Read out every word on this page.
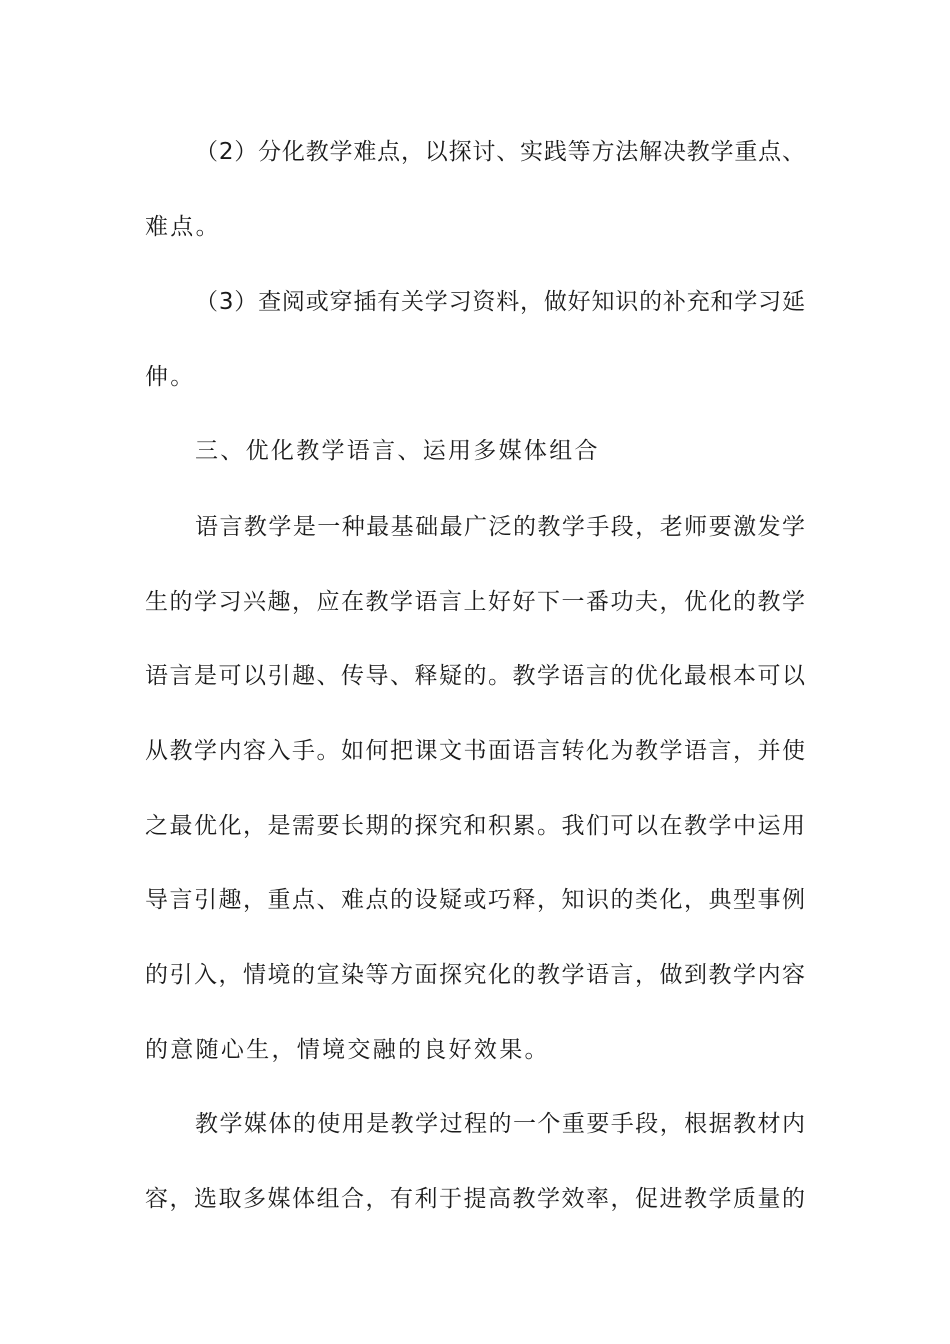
（2）分化教学难点，以探讨、实践等方法解决教学重点、

难点。

（3）查阅或穿插有关学习资料，做好知识的补充和学习延

伸。

三、优化教学语言、运用多媒体组合

语言教学是一种最基础最广泛的教学手段，老师要激发学

生的学习兴趣，应在教学语言上好好下一番功夫，优化的教学

语言是可以引趣、传导、释疑的。教学语言的优化最根本可以

从教学内容入手。如何把课文书面语言转化为教学语言，并使

之最优化，是需要长期的探究和积累。我们可以在教学中运用

导言引趣，重点、难点的设疑或巧释，知识的类化，典型事例

的引入，情境的宣染等方面探究化的教学语言，做到教学内容

的意随心生，情境交融的良好效果。

教学媒体的使用是教学过程的一个重要手段，根据教材内

容，选取多媒体组合，有利于提高教学效率，促进教学质量的
